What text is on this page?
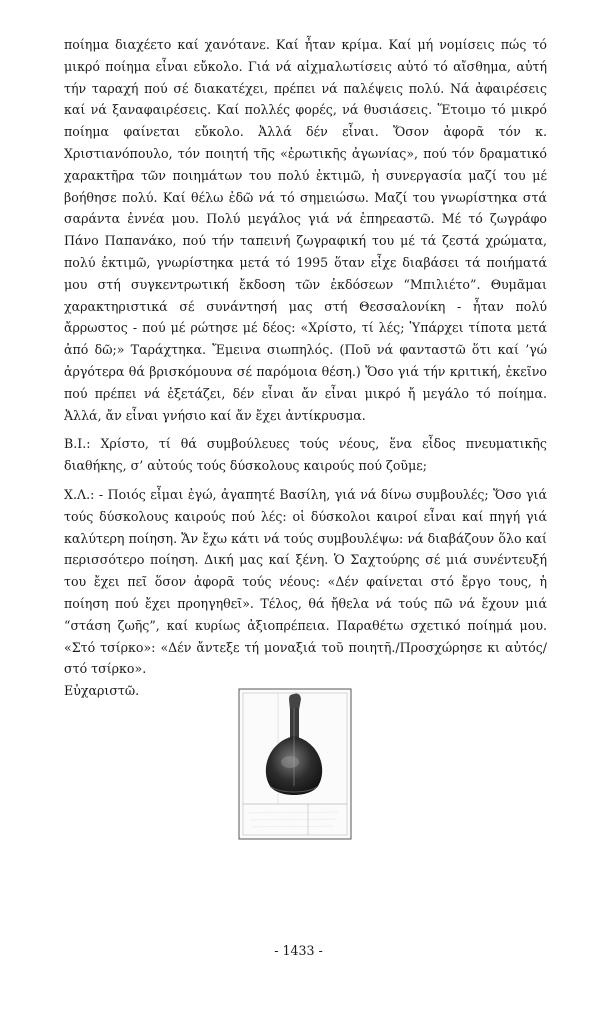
ποίημα διαχέετο καί χανότανε. Καί ἦταν κρίμα. Καί μή νομίσεις πώς τό μικρό ποίημα εἶναι εὔκολο. Γιά νά αἰχμαλωτίσεις αὐτό τό αἴσθημα, αὐτή τήν ταραχή πού σέ διακατέχει, πρέπει νά παλέψεις πολύ. Νά ἀφαιρέσεις καί νά ξαναφαιρέσεις. Καί πολλές φορές, νά θυσιάσεις. Ἕτοιμο τό μικρό ποίημα φαίνεται εὔκολο. Ἀλλά δέν εἶναι. Ὅσον ἀφορᾶ τόν κ. Χριστιανόπουλο, τόν ποιητή τῆς «ἐρωτικῆς ἀγωνίας», πού τόν δραματικό χαρακτῆρα τῶν ποιημάτων του πολύ ἐκτιμῶ, ἡ συνεργασία μαζί του μέ βοήθησε πολύ. Καί θέλω ἐδῶ νά τό σημειώσω. Μαζί του γνωρίστηκα στά σαράντα ἐννέα μου. Πολύ μεγάλος γιά νά ἐπηρεαστῶ. Μέ τό ζωγράφο Πάνο Παπανάκο, πού τήν ταπεινή ζωγραφική του μέ τά ζεστά χρώματα, πολύ ἐκτιμῶ, γνωρίστηκα μετά τό 1995 ὅταν εἶχε διαβάσει τά ποιήματά μου στή συγκεντρωτική ἔκδοση τῶν ἐκδόσεων “Μπιλιέτο”. Θυμᾶμαι χαρακτηριστικά σέ συνάντησή μας στή Θεσσαλονίκη - ἦταν πολύ ἄρρωστος - πού μέ ρώτησε μέ δέος: «Χρίστο, τί λές; Ὑπάρχει τίποτα μετά ἀπό δῶ;» Ταράχτηκα. Ἔμεινα σιωπηλός. (Ποῦ νά φανταστῶ ὅτι καί ’γώ ἀργότερα θά βρισκόμουνα σέ παρόμοια θέση.) Ὅσο γιά τήν κριτική, ἐκεῖνο πού πρέπει νά ἐξετάζει, δέν εἶναι ἄν εἶναι μικρό ἤ μεγάλο τό ποίημα. Ἀλλά, ἄν εἶναι γνήσιο καί ἄν ἔχει ἀντίκρυσμα.

Β.Ι.: Χρίστο, τί θά συμβούλευες τούς νέους, ἕνα εἶδος πνευματικῆς διαθήκης, σ’ αὐτούς τούς δύσκολους καιρούς πού ζοῦμε;

Χ.Λ.: - Ποιός εἶμαι ἐγώ, ἀγαπητέ Βασίλη, γιά νά δίνω συμβουλές; Ὅσο γιά τούς δύσκολους καιρούς πού λές: οἱ δύσκολοι καιροί εἶναι καί πηγή γιά καλύτερη ποίηση. Ἄν ἔχω κάτι νά τούς συμβουλέψω: νά διαβάζουν ὅλο καί περισσότερο ποίηση. Δική μας καί ξένη. Ὁ Σαχτούρης σέ μιά συνέντευξή του ἔχει πεῖ ὅσον ἀφορᾶ τούς νέους: «Δέν φαίνεται στό ἔργο τους, ἡ ποίηση πού ἔχει προηγηθεῖ». Τέλος, θά ἤθελα νά τούς πῶ νά ἔχουν μιά “στάση ζωῆς”, καί κυρίως ἀξιοπρέπεια. Παραθέτω σχετικό ποίημά μου. «Στό τσίρκο»: «Δέν ἄντεξε τή μοναξιά τοῦ ποιητῆ./Προσχώρησε κι αὐτός/στό τσίρκο».

Εὐχαριστῶ.

- 1433 -
